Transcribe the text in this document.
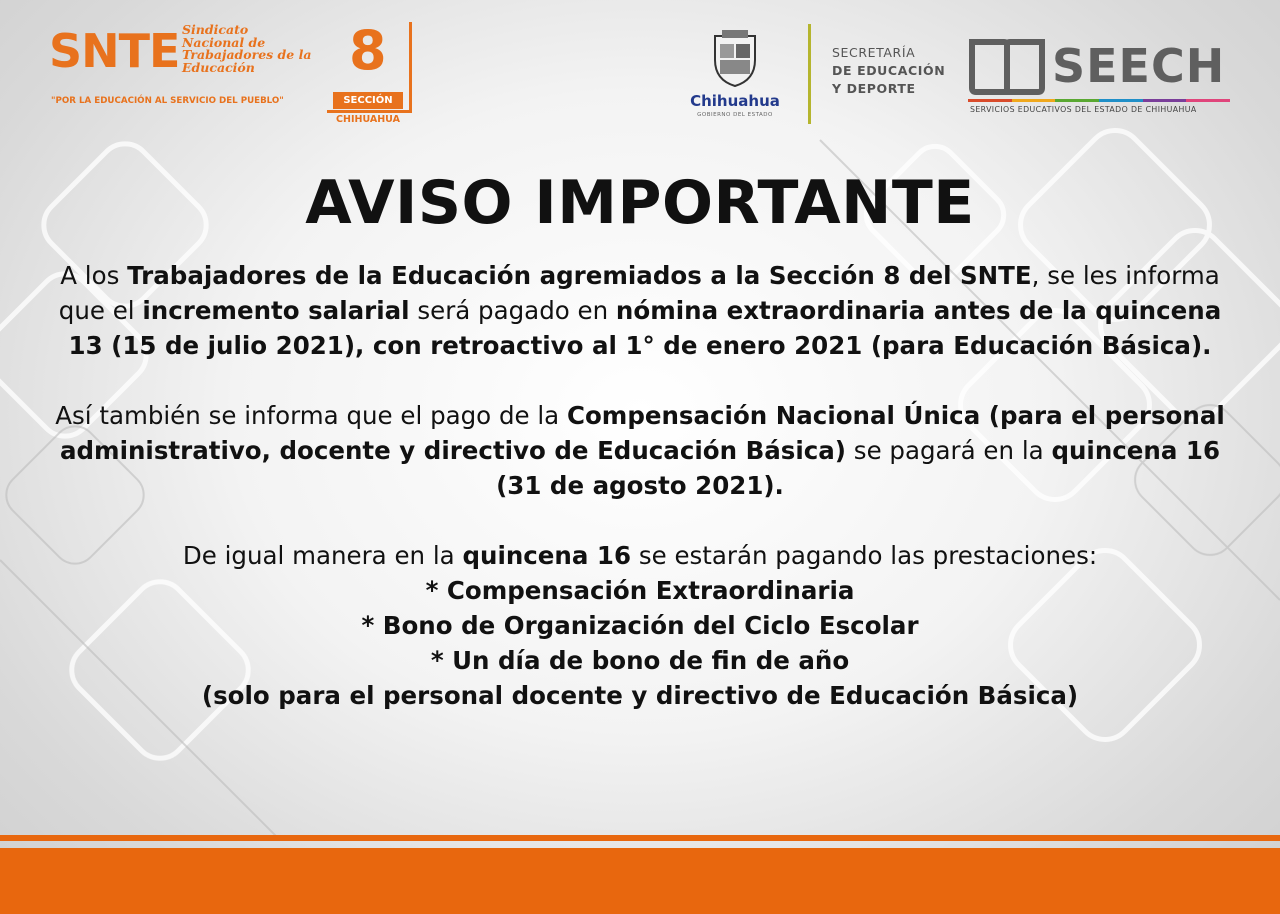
SNTE Sindicato
Nacional de
Trabajadores de la
Educación
"POR LA EDUCACIÓN AL SERVICIO DEL PUEBLO"
8
SECCIÓN
CHIHUAHUA
Chihuahua
GOBIERNO DEL ESTADO
SECRETARÍA
DE EDUCACIÓN
Y DEPORTE	SEECH
SERVICIOS EDUCATIVOS DEL ESTADO DE CHIHUAHUA
AVISO IMPORTANTE

A los Trabajadores de la Educación agremiados a la Sección 8 del SNTE, se les informa que el incremento salarial será pagado en nómina extraordinaria antes de la quincena 13 (15 de julio 2021), con retroactivo al 1° de enero 2021 (para Educación Básica).

Así también se informa que el pago de la Compensación Nacional Única (para el personal administrativo, docente y directivo de Educación Básica) se pagará en la quincena 16
(31 de agosto 2021).

De igual manera en la quincena 16 se estarán pagando las prestaciones:

* Compensación Extraordinaria

* Bono de Organización del Ciclo Escolar

* Un día de bono de fin de año

(solo para el personal docente y directivo de Educación Básica)
